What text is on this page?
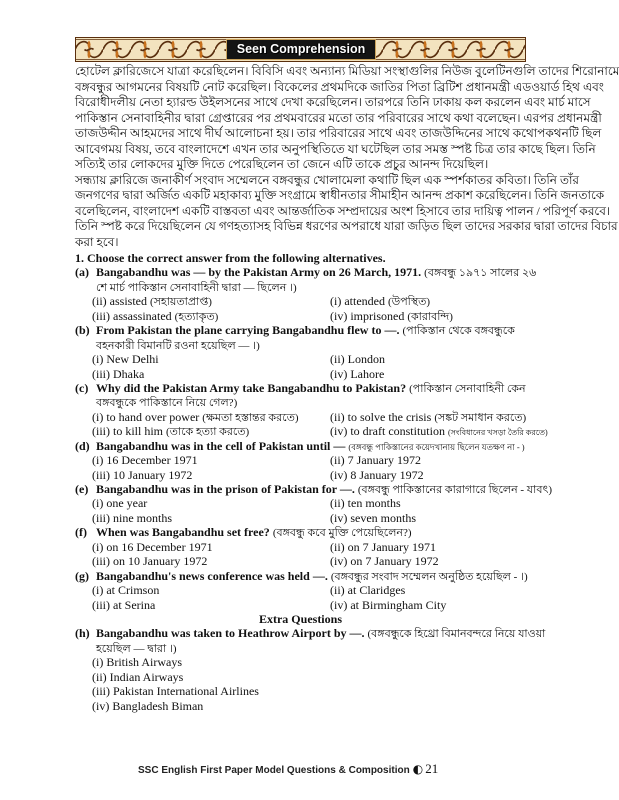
Seen Comprehension
হোটেল ক্লারিজেসে যাত্রা করেছিলেন। বিবিসি এবং অন্যান্য মিডিয়া সংস্থাগুলির নিউজ বুলেটিনগুলি তাদের শিরোনামে
বঙ্গবন্ধুর আগমনের বিষয়টি নোট করেছিল। বিকেলের প্রথমদিকে জাতির পিতা ব্রিটিশ প্রধানমন্ত্রী এডওয়ার্ড হিথ এবং
বিরোধীদলীয় নেতা হ্যারল্ড উইলসনের সাথে দেখা করেছিলেন। তারপরে তিনি ঢাকায় কল করলেন এবং মার্চ মাসে
পাকিস্তান সেনাবাহিনীর দ্বারা গ্রেপ্তারের পর প্রথমবারের মতো তার পরিবারের সাথে কথা বলেছেন। এরপর প্রধানমন্ত্রী
তাজউদ্দীন আহমদের সাথে দীর্ঘ আলোচনা হয়। তার পরিবারের সাথে এবং তাজউদ্দিনের সাথে কথোপকথনটি ছিল
আবেগময় বিষয়, তবে বাংলাদেশে এখন তার অনুপস্থিতিতে যা ঘটেছিল তার সমস্ত স্পষ্ট চিত্র তার কাছে ছিল। তিনি
সত্যিই তার লোকদের মুক্তি দিতে পেরেছিলেন তা জেনে এটি তাকে প্রচুর আনন্দ দিয়েছিল।
সন্ধ্যায় ক্লারিজে জনাকীর্ণ সংবাদ সম্মেলনে বঙ্গবন্ধুর খোলামেলা কথাটি ছিল এক স্পর্শকাতর কবিতা। তিনি তাঁর
জনগণের দ্বারা অর্জিত একটি মহাকাব্য মুক্তি সংগ্রামে স্বাধীনতার সীমাহীন আনন্দ প্রকাশ করেছিলেন। তিনি জনতাকে
বলেছিলেন, বাংলাদেশ একটি বাস্তবতা এবং আন্তর্জাতিক সম্প্রদায়ের অংশ হিসাবে তার দায়িত্ব পালন / পরিপূর্ণ করবে।
তিনি স্পষ্ট করে দিয়েছিলেন যে গণহত্যাসহ বিভিন্ন ধরণের অপরাধে যারা জড়িত ছিল তাদের সরকার দ্বারা তাদের বিচার
করা হবে।
1. Choose the correct answer from the following alternatives.
(a) Bangabandhu was — by the Pakistan Army on 26 March, 1971. (বঙ্গবন্ধু ১৯৭১ সালের ২৬
শে মার্চ পাকিস্তান সেনাবাহিনী দ্বারা — ছিলেন ।)
(ii) assisted (সহায়তাপ্রাপ্ত)	(i) attended (উপস্থিত)
(iii) assassinated (হত্যাকৃত)	(iv) imprisoned (কারাবন্দি)
(b) From Pakistan the plane carrying Bangabandhu flew to —. (পাকিস্তান থেকে বঙ্গবন্ধুকে
বহনকারী বিমানটি রওনা হয়েছিল — ।)
(i) New Delhi	(ii) London
(iii) Dhaka	(iv) Lahore
(c) Why did the Pakistan Army take Bangabandhu to Pakistan? (পাকিস্তান সেনাবাহিনী কেন
বঙ্গবন্ধুকে পাকিস্তানে নিয়ে গেল?)
(i) to hand over power (ক্ষমতা হস্তান্তর করতে)	(ii) to solve the crisis (সঙ্কট সমাধান করতে)
(iii) to kill him (তাকে হত্যা করতে)	(iv) to draft constitution (সংবিধানের খসড়া তৈরি করতে)
(d) Bangabandhu was in the cell of Pakistan until — (বঙ্গবন্ধু পাকিস্তানের কয়েদখানায় ছিলেন যতক্ষণ না - )
(i) 16 December 1971	(ii) 7 January 1972
(iii) 10 January 1972	(iv) 8 January 1972
(e) Bangabandhu was in the prison of Pakistan for —. (বঙ্গবন্ধু পাকিস্তানের কারাগারে ছিলেন - যাবৎ)
(i) one year	(ii) ten months
(iii) nine months	(iv) seven months
(f) When was Bangabandhu set free? (বঙ্গবন্ধু কবে মুক্তি পেয়েছিলেন?)
(i) on 16 December 1971	(ii) on 7 January 1971
(iii) on 10 January 1972	(iv) on 7 January 1972
(g) Bangabandhu's news conference was held —. (বঙ্গবন্ধুর সংবাদ সম্মেলন অনুষ্ঠিত হয়েছিল - ।)
(i) at Crimson	(ii) at Claridges
(iii) at Serina	(iv) at Birmingham City
Extra Questions
(h) Bangabandhu was taken to Heathrow Airport by —. (বঙ্গবন্ধুকে হিথ্রো বিমানবন্দরে নিয়ে যাওয়া
হয়েছিল — দ্বারা ।)
(i) British Airways
(ii) Indian Airways
(iii) Pakistan International Airlines
(iv) Bangladesh Biman
SSC English First Paper Model Questions & Composition ◐ 21
